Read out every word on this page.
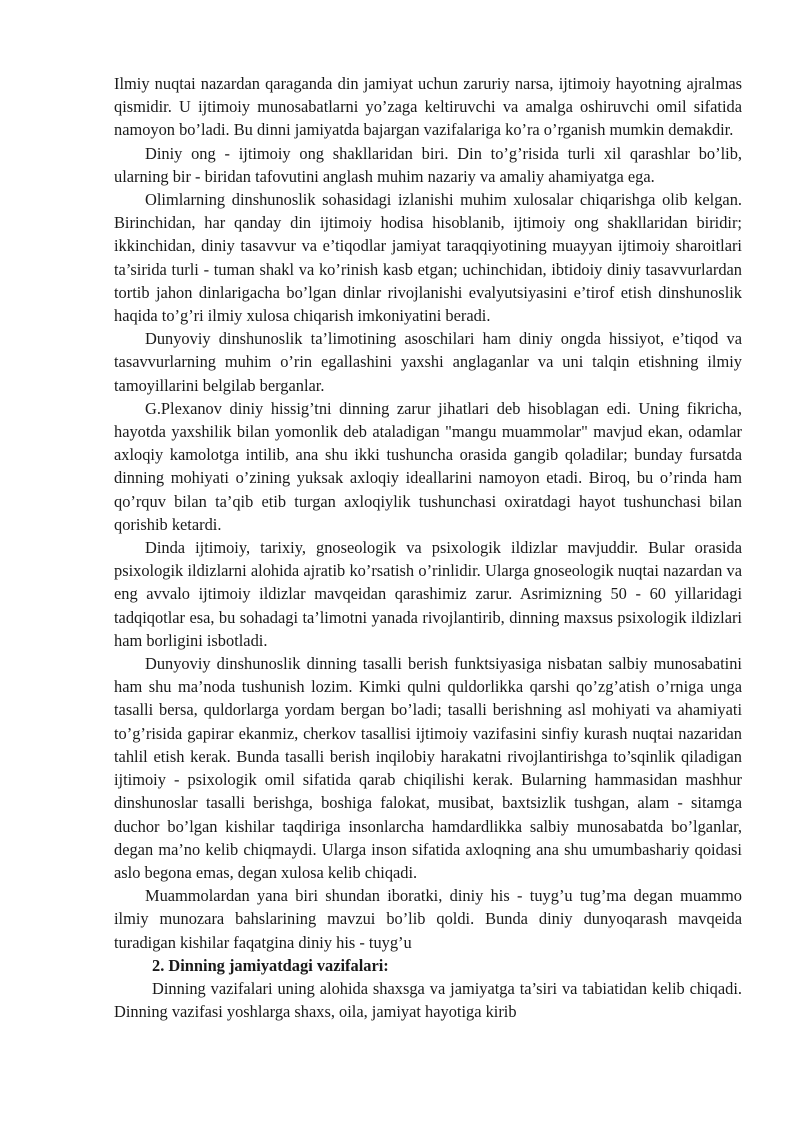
Ilmiy nuqtai nazardan qaraganda din jamiyat uchun zaruriy narsa, ijtimoiy hayotning ajralmas qismidir. U ijtimoiy munosabatlarni yo’zaga keltiruvchi va amalga oshiruvchi omil sifatida namoyon bo’ladi. Bu dinni jamiyatda bajargan vazifalariga ko’ra o’rganish mumkin demakdir.

Diniy ong - ijtimoiy ong shakllaridan biri. Din to’g’risida turli xil qarashlar bo’lib, ularning bir - biridan tafovutini anglash muhim nazariy va amaliy ahamiyatga ega.

Olimlarning dinshunoslik sohasidagi izlanishi muhim xulosalar chiqarishga olib kelgan. Birinchidan, har qanday din ijtimoiy hodisa hisoblanib, ijtimoiy ong shakllaridan biridir; ikkinchidan, diniy tasavvur va e’tiqodlar jamiyat taraqqiyotining muayyan ijtimoiy sharoitlari ta’sirida turli - tuman shakl va ko’rinish kasb etgan; uchinchidan, ibtidoiy diniy tasavvurlardan tortib jahon dinlarigacha bo’lgan dinlar rivojlanishi evalyutsiyasini e’tirof etish dinshunoslik haqida to’g’ri ilmiy xulosa chiqarish imkoniyatini beradi.

Dunyoviy dinshunoslik ta’limotining asoschilari ham diniy ongda hissiyot, e’tiqod va tasavvurlarning muhim o’rin egallashini yaxshi anglaganlar va uni talqin etishning ilmiy tamoyillarini belgilab berganlar.

G.Plexanov diniy hissig’tni dinning zarur jihatlari deb hisoblagan edi. Uning fikricha, hayotda yaxshilik bilan yomonlik deb ataladigan "mangu muammolar" mavjud ekan, odamlar axloqiy kamolotga intilib, ana shu ikki tushuncha orasida gangib qoladilar; bunday fursatda dinning mohiyati o’zining yuksak axloqiy ideallarini namoyon etadi. Biroq, bu o’rinda ham qo’rquv bilan ta’qib etib turgan axloqiylik tushunchasi oxiratdagi hayot tushunchasi bilan qorishib ketardi.

Dinda ijtimoiy, tarixiy, gnoseologik va psixologik ildizlar mavjuddir. Bular orasida psixologik ildizlarni alohida ajratib ko’rsatish o’rinlidir. Ularga gnoseologik nuqtai nazardan va eng avvalo ijtimoiy ildizlar mavqeidan qarashimiz zarur. Asrimizning 50 - 60 yillaridagi tadqiqotlar esa, bu sohadagi ta’limotni yanada rivojlantirib, dinning maxsus psixologik ildizlari ham borligini isbotladi.

Dunyoviy dinshunoslik dinning tasalli berish funktsiyasiga nisbatan salbiy munosabatini ham shu ma’noda tushunish lozim. Kimki qulni quldorlikka qarshi qo’zg’atish o’rniga unga tasalli bersa, quldorlarga yordam bergan bo’ladi; tasalli berishning asl mohiyati va ahamiyati to’g’risida gapirar ekanmiz, cherkov tasallisi ijtimoiy vazifasini sinfiy kurash nuqtai nazaridan tahlil etish kerak. Bunda tasalli berish inqilobiy harakatni rivojlantirishga to’sqinlik qiladigan ijtimoiy - psixologik omil sifatida qarab chiqilishi kerak. Bularning hammasidan mashhur dinshunoslar tasalli berishga, boshiga falokat, musibat, baxtsizlik tushgan, alam - sitamga duchor bo’lgan kishilar taqdiriga insonlarcha hamdardlikka salbiy munosabatda bo’lganlar, degan ma’no kelib chiqmaydi. Ularga inson sifatida axloqning ana shu umumbashariy qoidasi aslo begona emas, degan xulosa kelib chiqadi.

Muammolardan yana biri shundan iboratki, diniy his - tuyg’u tug’ma degan muammo ilmiy munozara bahslarining mavzui bo’lib qoldi. Bunda diniy dunyoqarash mavqeida turadigan kishilar faqatgina diniy his - tuyg’u

2. Dinning jamiyatdagi vazifalari:

Dinning vazifalari uning alohida shaxsga va jamiyatga ta’siri va tabiatidan kelib chiqadi. Dinning vazifasi yoshlarga shaxs, oila, jamiyat hayotiga kirib
